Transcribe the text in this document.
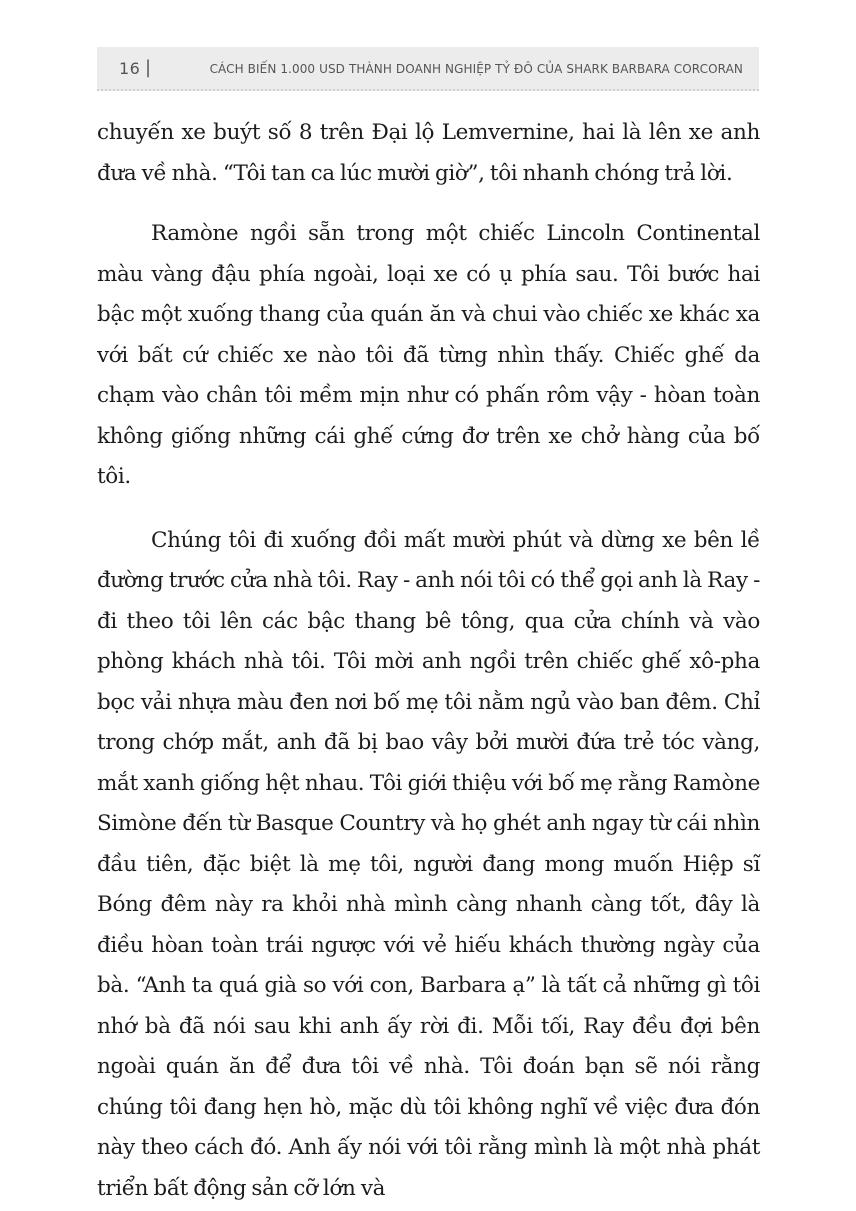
16 |	CÁCH BIẾN 1.000 USD THÀNH DOANH NGHIỆP TỶ ĐÔ CỦA SHARK BARBARA CORCORAN

chuyến xe buýt số 8 trên Đại lộ Lemvernine, hai là lên xe anh đưa về nhà. “Tôi tan ca lúc mười giờ”, tôi nhanh chóng trả lời.

Ramòne ngồi sẵn trong một chiếc Lincoln Continental màu vàng đậu phía ngoài, loại xe có ụ phía sau. Tôi bước hai bậc một xuống thang của quán ăn và chui vào chiếc xe khác xa với bất cứ chiếc xe nào tôi đã từng nhìn thấy. Chiếc ghế da chạm vào chân tôi mềm mịn như có phấn rôm vậy - hòan toàn không giống những cái ghế cứng đơ trên xe chở hàng của bố tôi.

Chúng tôi đi xuống đồi mất mười phút và dừng xe bên lề đường trước cửa nhà tôi. Ray - anh nói tôi có thể gọi anh là Ray - đi theo tôi lên các bậc thang bê tông, qua cửa chính và vào phòng khách nhà tôi. Tôi mời anh ngồi trên chiếc ghế xô-pha bọc vải nhựa màu đen nơi bố mẹ tôi nằm ngủ vào ban đêm. Chỉ trong chớp mắt, anh đã bị bao vây bởi mười đứa trẻ tóc vàng, mắt xanh giống hệt nhau. Tôi giới thiệu với bố mẹ rằng Ramòne Simòne đến từ Basque Country và họ ghét anh ngay từ cái nhìn đầu tiên, đặc biệt là mẹ tôi, người đang mong muốn Hiệp sĩ Bóng đêm này ra khỏi nhà mình càng nhanh càng tốt, đây là điều hòan toàn trái ngược với vẻ hiếu khách thường ngày của bà. “Anh ta quá già so với con, Barbara ạ” là tất cả những gì tôi nhớ bà đã nói sau khi anh ấy rời đi. Mỗi tối, Ray đều đợi bên ngoài quán ăn để đưa tôi về nhà. Tôi đoán bạn sẽ nói rằng chúng tôi đang hẹn hò, mặc dù tôi không nghĩ về việc đưa đón này theo cách đó. Anh ấy nói với tôi rằng mình là một nhà phát triển bất động sản cỡ lớn và
